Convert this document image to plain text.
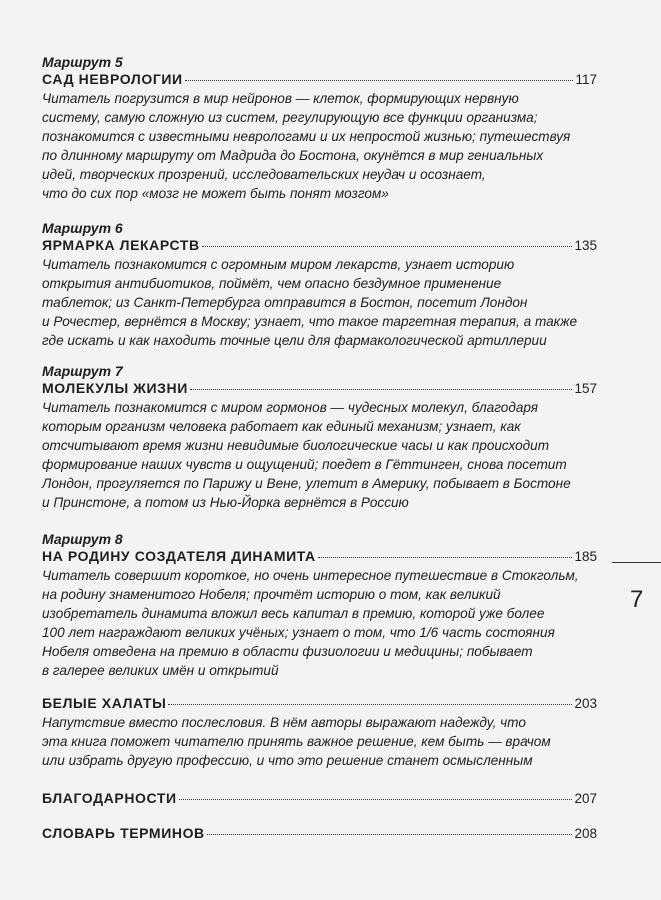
Маршрут 5
САД НЕВРОЛОГИИ	117
Читатель погрузится в мир нейронов — клеток, формирующих нервную
систему, самую сложную из систем, регулирующую все функции организма;
познакомится с известными неврологами и их непростой жизнью; путешествуя
по длинному маршруту от Мадрида до Бостона, окунётся в мир гениальных
идей, творческих прозрений, исследовательских неудач и осознает,
что до сих пор «мозг не может быть понят мозгом»
Маршрут 6
ЯРМАРКА ЛЕКАРСТВ	135
Читатель познакомится с огромным миром лекарств, узнает историю
открытия антибиотиков, поймёт, чем опасно бездумное применение
таблеток; из Санкт-Петербурга отправится в Бостон, посетит Лондон
и Рочестер, вернётся в Москву; узнает, что такое таргетная терапия, а также
где искать и как находить точные цели для фармакологической артиллерии
Маршрут 7
МОЛЕКУЛЫ ЖИЗНИ	157
Читатель познакомится с миром гормонов — чудесных молекул, благодаря
которым организм человека работает как единый механизм; узнает, как
отсчитывают время жизни невидимые биологические часы и как происходит
формирование наших чувств и ощущений; поедет в Гёттинген, снова посетит
Лондон, прогуляется по Парижу и Вене, улетит в Америку, побывает в Бостоне
и Принстоне, а потом из Нью-Йорка вернётся в Россию
Маршрут 8
НА РОДИНУ СОЗДАТЕЛЯ ДИНАМИТА	185
Читатель совершит короткое, но очень интересное путешествие в Стокгольм,
на родину знаменитого Нобеля; прочтёт историю о том, как великий
изобретатель динамита вложил весь капитал в премию, которой уже более
100 лет награждают великих учёных; узнает о том, что 1/6 часть состояния
Нобеля отведена на премию в области физиологии и медицины; побывает
в галерее великих имён и открытий
БЕЛЫЕ ХАЛАТЫ	203
Напутствие вместо послесловия. В нём авторы выражают надежду, что
эта книга поможет читателю принять важное решение, кем быть — врачом
или избрать другую профессию, и что это решение станет осмысленным
БЛАГОДАРНОСТИ	207
СЛОВАРЬ ТЕРМИНОВ	208
7
